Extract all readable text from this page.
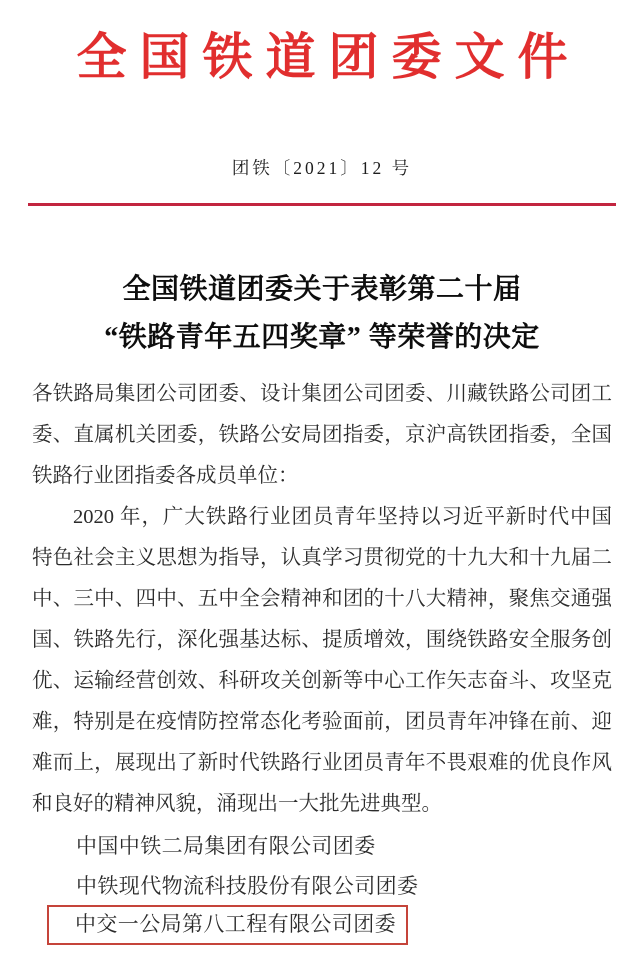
全国铁道团委文件
团铁〔2021〕12 号
全国铁道团委关于表彰第二十届
“铁路青年五四奖章” 等荣誉的决定
各铁路局集团公司团委、设计集团公司团委、川藏铁路公司团工
委、直属机关团委，铁路公安局团指委，京沪高铁团指委，全国
铁路行业团指委各成员单位：
2020 年，广大铁路行业团员青年坚持以习近平新时代中国
特色社会主义思想为指导，认真学习贯彻党的十九大和十九届二
中、三中、四中、五中全会精神和团的十八大精神，聚焦交通强
国、铁路先行，深化强基达标、提质增效，围绕铁路安全服务创
优、运输经营创效、科研攻关创新等中心工作矢志奋斗、攻坚克
难，特别是在疫情防控常态化考验面前，团员青年冲锋在前、迎
难而上，展现出了新时代铁路行业团员青年不畏艰难的优良作风
和良好的精神风貌，涌现出一大批先进典型。
中国中铁二局集团有限公司团委
中铁现代物流科技股份有限公司团委
中交一公局第八工程有限公司团委
